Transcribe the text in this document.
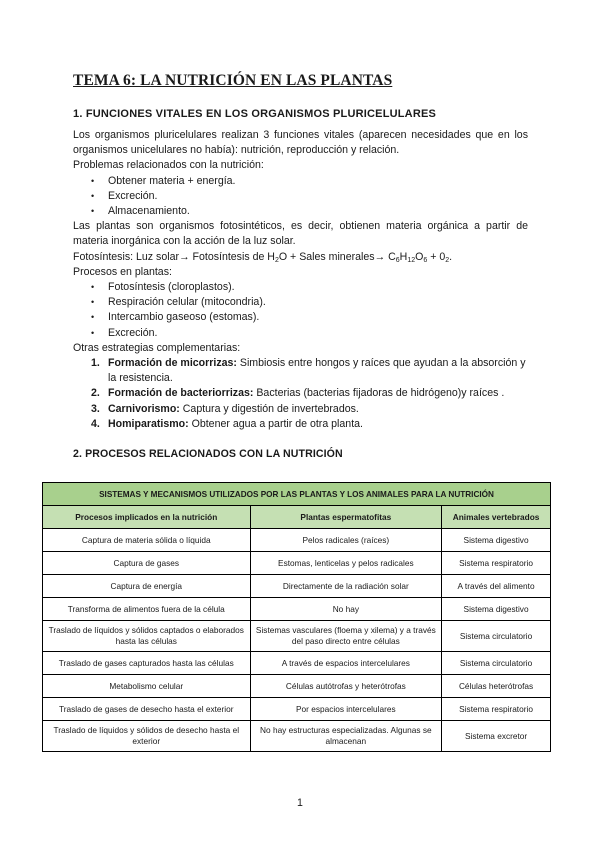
TEMA 6: LA NUTRICIÓN EN LAS PLANTAS
1. FUNCIONES VITALES EN LOS ORGANISMOS PLURICELULARES

Los organismos pluricelulares realizan 3 funciones vitales (aparecen necesidades que en los organismos unicelulares no había): nutrición, reproducción y relación.

Problemas relacionados con la nutrición:

• Obtener materia + energía.
• Excreción.
• Almacenamiento.

Las plantas son organismos fotosintéticos, es decir, obtienen materia orgánica a partir de materia inorgánica con la acción de la luz solar.

Fotosíntesis: Luz solar→ Fotosíntesis de $H_2O$ + Sales minerales→ $C_6H_{12}O_6 + 0_2$.

Procesos en plantas:

• Fotosíntesis (cloroplastos).
• Respiración celular (mitocondria).
• Intercambio gaseoso (estomas).
• Excreción.

Otras estrategias complementarias:

1. Formación de micorrizas: Simbiosis entre hongos y raíces que ayudan a la absorción y la resistencia.
2. Formación de bacteriorrizas: Bacterias (bacterias fijadoras de hidrógeno)y raíces .
3. Carnivorismo: Captura y digestión de invertebrados.
4. Homiparatismo: Obtener agua a partir de otra planta.
2. PROCESOS RELACIONADOS CON LA NUTRICIÓN
SISTEMAS Y MECANISMOS UTILIZADOS POR LAS PLANTAS Y LOS ANIMALES PARA LA NUTRICIÓN		
Procesos implicados en la nutrición	Plantas espermatofitas	Animales vertebrados
Captura de materia sólida o líquida	Pelos radicales (raíces)	Sistema digestivo
Captura de gases	Estomas, lenticelas y pelos radicales	Sistema respiratorio
Captura de energía	Directamente de la radiación solar	A través del alimento
Transforma de alimentos fuera de la célula	No hay	Sistema digestivo
Traslado de líquidos y sólidos captados o elaborados hasta las células	Sistemas vasculares (floema y xilema) y a través del paso directo entre células	Sistema circulatorio
Traslado de gases capturados hasta las células	A través de espacios intercelulares	Sistema circulatorio
Metabolismo celular	Células autótrofas y heterótrofas	Células heterótrofas
Traslado de gases de desecho hasta el exterior	Por espacios intercelulares	Sistema respiratorio
Traslado de líquidos y sólidos de desecho hasta el exterior	No hay estructuras especializadas. Algunas se almacenan	Sistema excretor
1
